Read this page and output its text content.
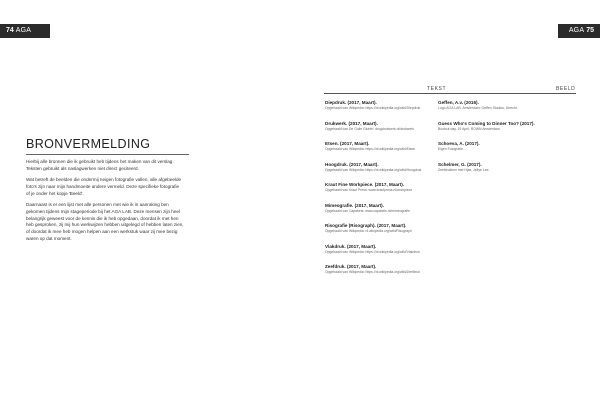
74 AGA	AGA 75
TEKST	BEELD
BRONVERMELDING

Hierbij alle bronnen die ik gebruikt heb tijdens het maken van dit verslag. Teksten gebruikt als naslagwerken niet direct geciteerd.

Wat betreft de beelden die ondermij neigen fotografie vallen, alle afgebeelde foto's zijn naar mijn handmoeite andere vermeld. Deze specifieke fotografie of je onder het kopje 'Beeld'.

Daarnaast is er een lijst met alle personen met wie ik in aanraking ben gekomen tijdens mijn stageperiode bij het AGA LAB. Deze mensen zijn heel belangrijk geweest voor de kennis die ik heb opgedaan, doordat ik met hen heb gesproken, zij mij hun werkwijzen hebben uitgelegd of hebben laten zien, of doordat ik mee heb mogen helpen aan een werkstuk waar zij mee bezig waren op dat moment.

Diepdruk. (2017, Maart).
Opgehaald van Wikipedia: https://nl.wikipedia.org/wiki/Diepdruk
Drukwerk. (2017, Maart).
Opgehaald van De Gulle Gluren: drogdrukwerk.nl/drukwerk
Etsen. (2017, Maart).
Opgehaald van Wikipedia: https://nl.wikipedia.org/wiki/Etsen
Hoogdruk. (2017, Maart).
Opgehaald van Wikipedia: https://nl.wikipedia.org/wiki/Hoogdruk
Kraut Fine Workpiece. (2017, Maart).
Opgehaald van Kraut Press: www.krautpress.nl/workpiece
Mimeografie. (2017, Maart).
Opgehaald van Capabels: www.capabels.nl/mimeografie
Risografie (Risograph). (2017, Maart).
Opgehaald van Wikipedia: nl.wikipedia.org/wiki/Risograph
Vlakdruk. (2017, Maart).
Opgehaald van Wikipedia: https://nl.wikipedia.org/wiki/Vlakdruk
Zeefdruk. (2017, Maart).
Opgehaald van Wikipedia: https://nl.wikipedia.org/wiki/Zeefdruk
Geffen, A.v. (2016).
Logo AGA LAB. Amsterdam: Geffen Studios, Utrecht.
Guess Who's Coming to Dinner Too? (2017).
Bootcut day, 19 April. ROWN Amsterdam.
Schoeva, A. (2017).
Eigen Fotografie.
Schelmer, G. (2017).
Zeefdrukken met Hjas, Jeltye Lee.
